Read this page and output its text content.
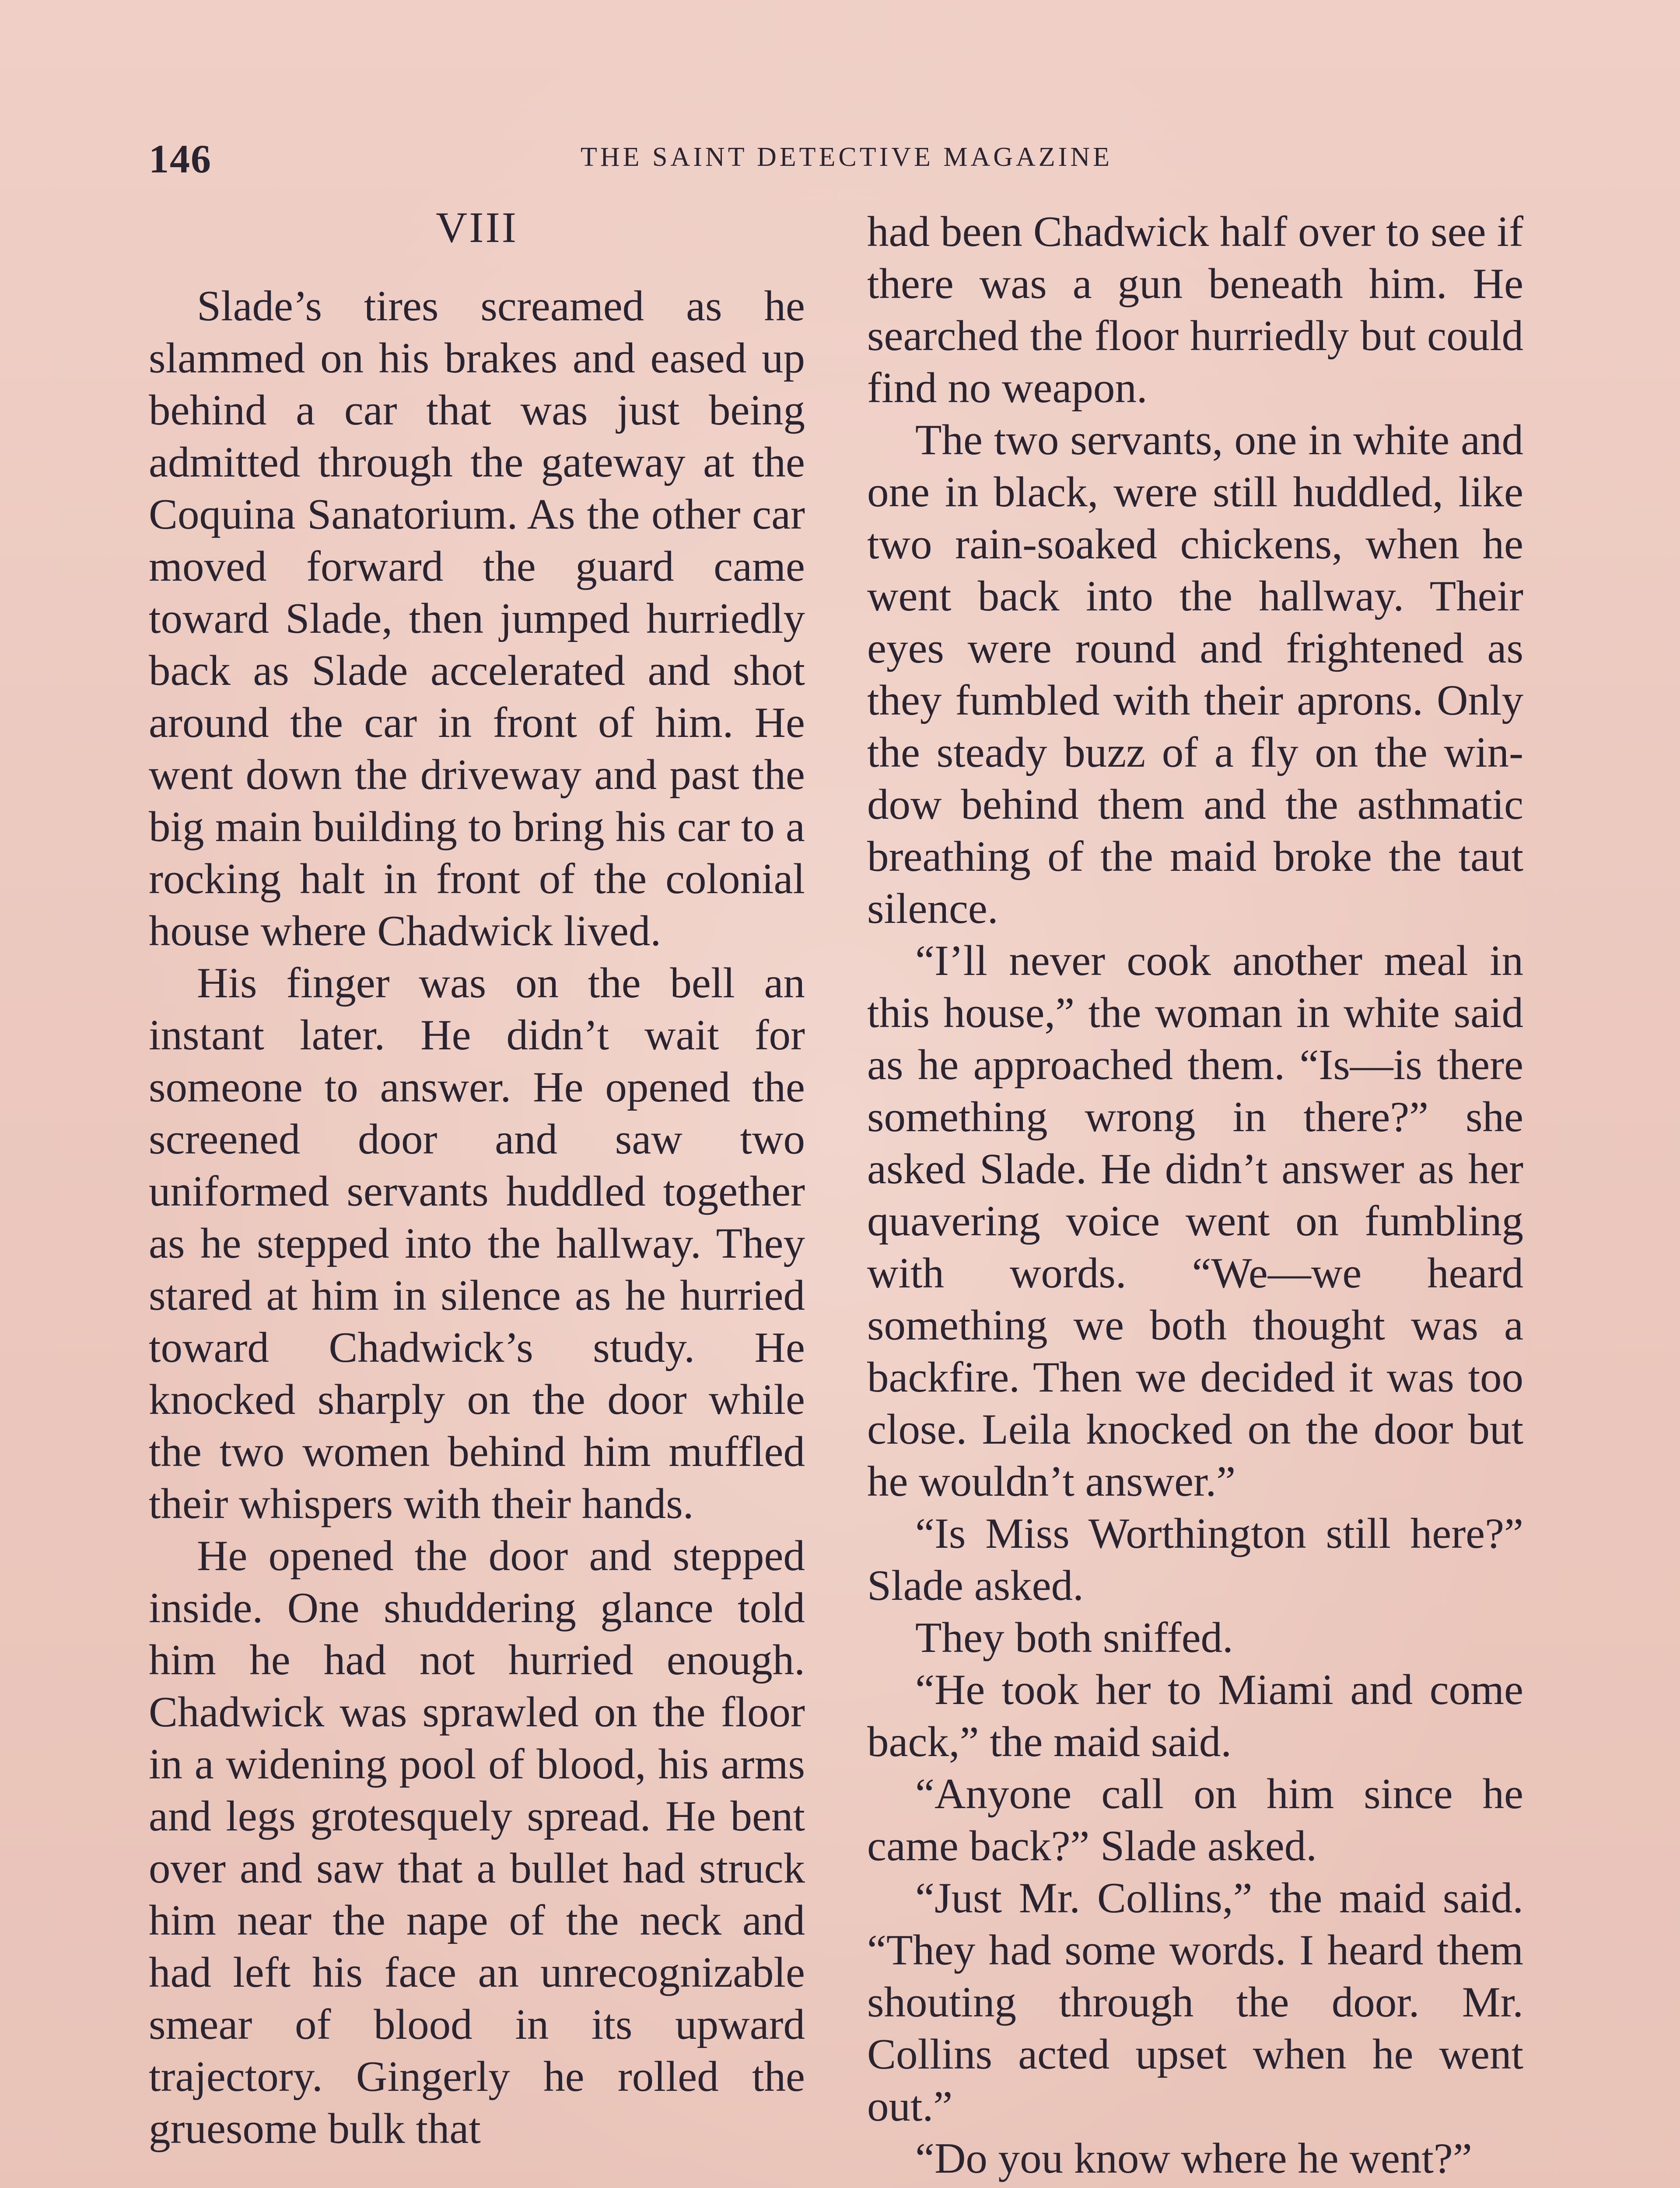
146	THE SAINT DETECTIVE MAGAZINE
VIII

Slade’s tires screamed as he slammed on his brakes and eased up behind a car that was just being admitted through the gateway at the Coquina Sanatorium. As the other car moved forward the guard came toward Slade, then jumped hurriedly back as Slade accelerated and shot around the car in front of him. He went down the driveway and past the big main building to bring his car to a rocking halt in front of the colonial house where Chadwick lived.

His finger was on the bell an instant later. He didn’t wait for someone to answer. He opened the screened door and saw two uniformed servants huddled together as he stepped into the hallway. They stared at him in silence as he hurried toward Chadwick’s study. He knocked sharply on the door while the two women behind him muffled their whispers with their hands.

He opened the door and stepped inside. One shuddering glance told him he had not hurried enough. Chadwick was sprawled on the floor in a widening pool of blood, his arms and legs grotesquely spread. He bent over and saw that a bullet had struck him near the nape of the neck and had left his face an unrecognizable smear of blood in its upward trajectory. Gingerly he rolled the gruesome bulk that

had been Chadwick half over to see if there was a gun beneath him. He searched the floor hurriedly but could find no weapon.

The two servants, one in white and one in black, were still huddled, like two rain-soaked chickens, when he went back into the hallway. Their eyes were round and frightened as they fumbled with their aprons. Only the steady buzz of a fly on the window behind them and the asthmatic breathing of the maid broke the taut silence.

“I’ll never cook another meal in this house,” the woman in white said as he approached them. “Is—is there something wrong in there?” she asked Slade. He didn’t answer as her quavering voice went on fumbling with words. “We—we heard something we both thought was a backfire. Then we decided it was too close. Leila knocked on the door but he wouldn’t answer.”

“Is Miss Worthington still here?” Slade asked.

They both sniffed.

“He took her to Miami and come back,” the maid said.

“Anyone call on him since he came back?” Slade asked.

“Just Mr. Collins,” the maid said. “They had some words. I heard them shouting through the door. Mr. Collins acted upset when he went out.”

“Do you know where he went?”
